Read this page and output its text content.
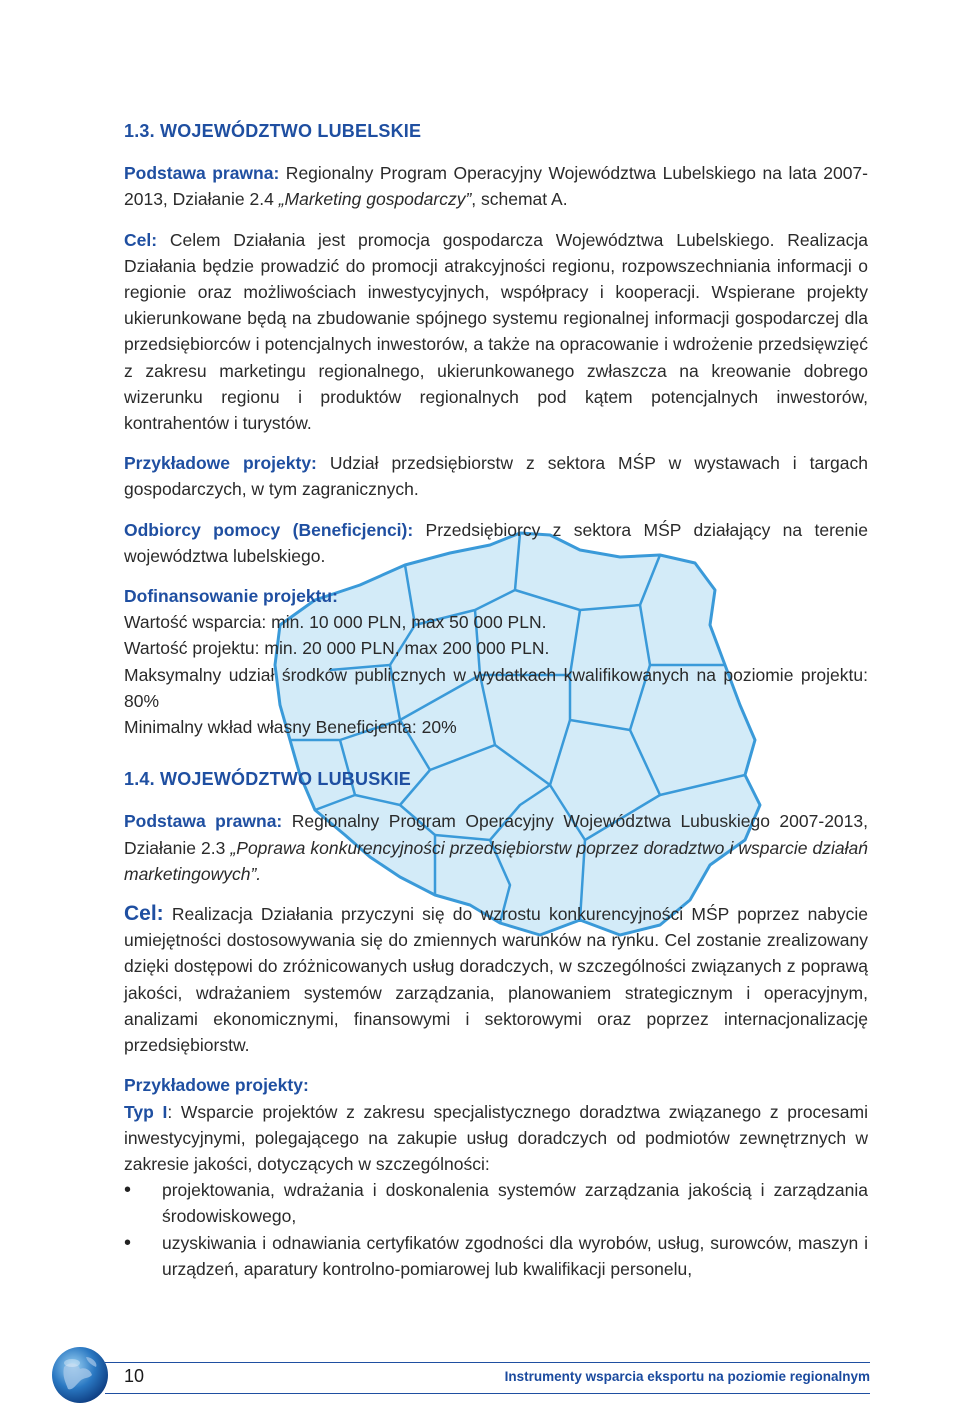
1.3. WOJEWÓDZTWO LUBELSKIE

Podstawa prawna: Regionalny Program Operacyjny Województwa Lubelskiego na lata 2007-2013, Działanie 2.4 „Marketing gospodarczy”, schemat A.

Cel: Celem Działania jest promocja gospodarcza Województwa Lubelskiego. Realizacja Działania będzie prowadzić do promocji atrakcyjności regionu, rozpowszechniania informacji o regionie oraz możliwościach inwestycyjnych, współpracy i kooperacji. Wspierane projekty ukierunkowane będą na zbudowanie spójnego systemu regionalnej informacji gospodarczej dla przedsiębiorców i potencjalnych inwestorów, a także na opracowanie i wdrożenie przedsięwzięć z zakresu marketingu regionalnego, ukierunkowanego zwłaszcza na kreowanie dobrego wizerunku regionu i produktów regionalnych pod kątem potencjalnych inwestorów, kontrahentów i turystów.

Przykładowe projekty: Udział przedsiębiorstw z sektora MŚP w wystawach i targach gospodarczych, w tym zagranicznych.

Odbiorcy pomocy (Beneficjenci): Przedsiębiorcy z sektora MŚP działający na terenie województwa lubelskiego.

Dofinansowanie projektu:
Wartość wsparcia: min. 10 000 PLN, max 50 000 PLN.
Wartość projektu: min. 20 000 PLN, max 200 000 PLN.
Maksymalny udział środków publicznych w wydatkach kwalifikowanych na poziomie projektu: 80%
Minimalny wkład własny Beneficjenta: 20%

1.4. WOJEWÓDZTWO LUBUSKIE

Podstawa prawna: Regionalny Program Operacyjny Województwa Lubuskiego 2007-2013, Działanie 2.3 „Poprawa konkurencyjności przedsiębiorstw poprzez doradztwo i wsparcie działań marketingowych”.

Cel: Realizacja Działania przyczyni się do wzrostu konkurencyjności MŚP poprzez nabycie umiejętności dostosowywania się do zmiennych warunków na rynku. Cel zostanie zrealizowany dzięki dostępowi do zróżnicowanych usług doradczych, w szczególności związanych z poprawą jakości, wdrażaniem systemów zarządzania, planowaniem strategicznym i operacyjnym, analizami ekonomicznymi, finansowymi i sektorowymi oraz poprzez internacjonalizację przedsiębiorstw.

Przykładowe projekty:
Typ I: Wsparcie projektów z zakresu specjalistycznego doradztwa związanego z procesami inwestycyjnymi, polegającego na zakupie usług doradczych od podmiotów zewnętrznych w zakresie jakości, dotyczących w szczególności:

• projektowania, wdrażania i doskonalenia systemów zarządzania jakością i zarządzania środowiskowego,
• uzyskiwania i odnawiania certyfikatów zgodności dla wyrobów, usług, surowców, maszyn i urządzeń, aparatury kontrolno-pomiarowej lub kwalifikacji personelu,
10	Instrumenty wsparcia eksportu na poziomie regionalnym
